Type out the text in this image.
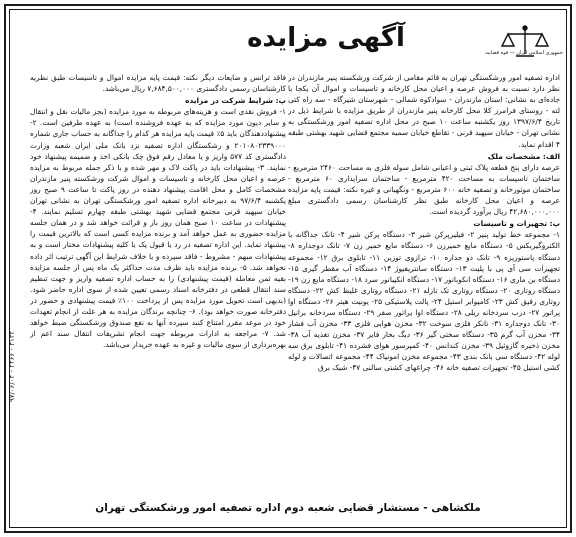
جمهوری اسلامی ایران — قوه قضاییه
آگهی مزایده

اداره تصفیه امور ورشکستگی تهران به قائم مقامی از شرکت ورشکسته پنیر مازندران در نظر دارد نسبت به فروش عرصه و اعیان محل کارخانه و تاسیسات و اموال آن یکجا با جاده‌ای به نشانی: استان مازندران - سوادکوه شمالی - شهرستان شیرگاه - سه راه کتی لته - روستای فرامرز کلا محل کارخانه پنیر مازندران از طریق مزایده با شرایط ذیل در تاریخ ۱۳۹۷/۶/۴ روز یکشنبه ساعت ۱۰ صبح در محل اداره تصفیه امور ورشکستگی به نشانی تهران - خیابان سپهبد قرنی - تقاطع خیابان سمیه مجتمع قضایی شهید بهشتی طبقه ۴ اقدام نماید.

الف: مشخصات ملک

عرصه دارای پنج قطعه پلاک ثبتی و اعیانی شامل سوله فلزی به مساحت ۲۴۶۰ مترمربع - ساختمان تاسیسات به مساحت ۴۲۰ مترمربع - ساختمان سرایداری ۶۰ مترمربع - ساختمان موتورخانه و تصفیه خانه ۶۰۰ مترمربع - ونگهبانی و غیره نکته: قیمت پایه مزایده عرصه و اعیان محل کارخانه طبق نظر کارشناسان رسمی دادگستری مبلغ ۴۲,۶۸۰,۰۰۰,۰۰۰ ریال برآورد گردیده است.

ب: تجهیزات و تاسیسات

۱- مجموعه خط تولید پنیر ۲- فیلیرپرکن شیر ۳- دستگاه پرکن شیر ۴- تانک جداگانه با الکتروگیربکس ۵- دستگاه مایع خمیرزن ۶- دستگاه مایع خمیر زن ۷- تانک دوجداره ۸- دستگاه پاستوریزه ۹- تانک دو جداره ۱۰- ترازوی توزین ۱۱- تابلوی برق ۱۲- مجموعه تجهیزات سی آی پی با پلیت ۱۳- دستگاه سانتریفیوژ ۱۴- دستگاه آب مقطر گیری ۱۵- دستگاه بن ماری ۱۶- دستگاه انکوباتور ۱۷- دستگاه انکیباتور سرد ۱۸- دستگاه مایع زن ۱۹- دستگاه روتاری ۲۰- دستگاه روتاری تک نازله ۲۱- دستگاه روتاری غلیظ کش ۲۲- دستگاه روتاری رقیق کش ۲۳- کامپوابر استیل ۲۴- پالت پلاستیکی ۲۵- یونیت هیتر ۲۶- دستگاه اوا پراتور ۲۷- درب سردخانه ریلی ۲۸- دستگاه اوا پراتور صفر ۲۹- دستگاه سردخانه برانیل ۳۰- تانک دوجداره ۳۱- تانکر فلزی سوخت ۳۲- مخزن هوایی فلزی ۳۳- مخزن آب فشار ۳۴- مخزن آب گرم ۳۵- دستگاه سختی گیر ۳۶- دیگ بخار فایر ۳۷- مخزن تغذیه آب ۳۸- مخزن ذخیره گازوئیل ۳۹- مخزن کندانس ۴۰- کمپرسور هوای فشرده ۴۱- تابلوی برق سه لوله ۴۲- دستگاه سی بانک بندی ۴۳- مجموعه مخزن امونیاک ۴۴- مجموعه اتصالات و لوله کشی استیل ۴۵- تجهیزات تصفیه خانه ۴۶- چراغهای کشتی سالنی ۴۷- شیک برق

فاقد ترانس و ضایعات دیگر نکته: قیمت پایه مزایده اموال و تاسیسات طبق نظریه کارشناسان رسمی دادگستری ۷,۶۸۴,۵۰۰,۰۰۰ ریال می‌باشد.

پ: شرایط شرکت در مزایده

۱- فروش نقدی است و هزینه‌های مربوطه به مورد مزایده (بجز مالیات نقل و انتقال و سایر دیون مورد مزایده که به عهده فروشنده است) به عهده طرفین است. ۲- پیشنهاددهندگان باید ۵٪ قیمت پایه مزایده هر کدام را جداگانه به حساب جاری شماره ۲۰۱۰۸۰۲۳۳۹۰۰۰ و رشکستگان اداره تصفیه نزد بانک ملی ایران شعبه وزارت دادگستری کد ۵۷۷ واریز و یا معادل رقم فوق چک بانکی اخذ و ضمیمه پیشنهاد خود نمایند. ۳- پیشنهادات باید در پاکت لاک و مهر شده و با ذکر جمله مربوط به مزایده عرصه و اعیان محل کارخانه و تاسیسات و اموال شرکت ورشکسته پنیر مازندران مشخصات کامل و محل اقامت پیشنهاد دهنده در روز پاکت تا ساعت ۹ صبح روز یکشنبه ۹۷/۶/۴ به دبیرخانه اداره تصفیه امور ورشکستگی تهران به نشانی تهران خیابان سپهبد قرنی مجتمع قضایی شهید بهشتی طبقه چهارم تسلیم نمایند. ۴- پیشنهادات در ساعت ۱۰ صبح همان روز باز و قرائت خواهد شد و در همان جلسه مزایده حضوری به عمل خواهد آمد و برنده مزایده کسی است که بالاترین قیمت را پیشنهاد نماید. این اداره تصفیه در رد یا قبول یک یا کلیه پیشنهادات مختار است و به پیشنهادات مبهم - مشروط - فاقد سپرده و یا خلاف شرایط این آگهی ترتیب اثر داده نخواهد شد. ۵- برنده مزایده باید ظرف مدت حداکثر یک ماه پس از جلسه مزایده بقیه ثمن معامله (قیمت پیشنهادی) را به حساب اداره تصفیه واریز و جهت تنظیم سند انتقال قطعی در دفترخانه اسناد رسمی تعیین شده از سوی اداره حاضر شود. (بدیهی است تحویل مورد مزایده پس از پرداخت ۱۰۰٪ قیمت پیشنهادی و حضور در دفترخانه صورت خواهد بود). ۶- چنانچه برندگان مزایده به هر علت از انجام تعهدات خود در موعد مقرر امتناع کنند سپرده آنها به نفع صندوق ورشکستگی ضبط خواهد شد. ۷- مراجعه به ادارات مربوطه جهت انجام تشریفات انتقال سند اعم از بهره‌برداری از سوی مالیات و غیره به عهده خریدار می‌باشد.

۹۷/۰۶/۰۴ - ۲۴۶۶ - ۳۱۳۲
ملکشاهی - مستشار قضایی شعبه دوم اداره تصفیه امور ورشکستگی تهران
